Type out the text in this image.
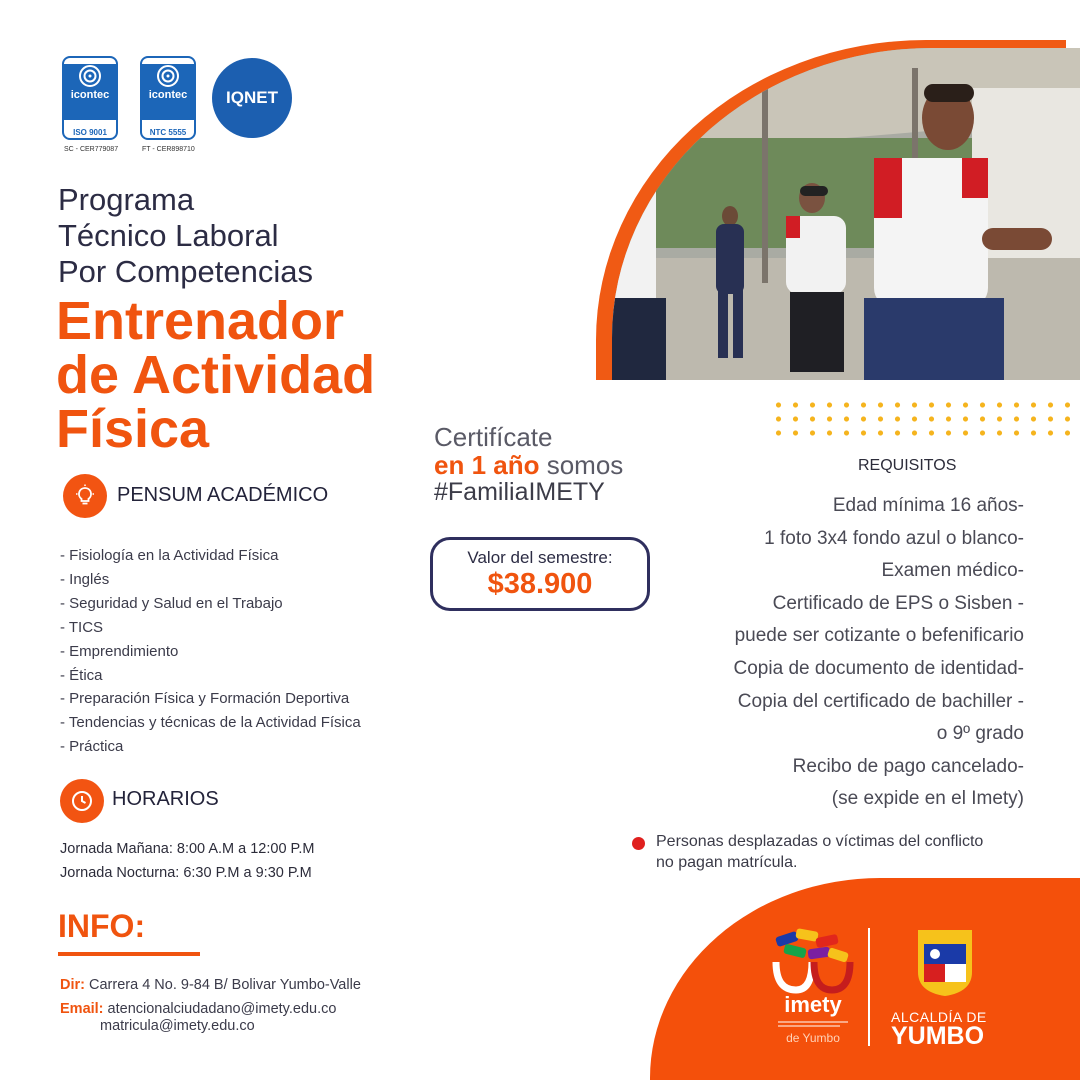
icontec
ISO 9001
SC - CER779087
icontec
NTC 5555
FT - CER898710
IQNET
Programa
Técnico Laboral
Por Competencias
Entrenador
de Actividad
Física
PENSUM ACADÉMICO
- Fisiología en la Actividad Física
- Inglés
- Seguridad y Salud en el Trabajo
- TICS
- Emprendimiento
- Ética
- Preparación Física y Formación Deportiva
- Tendencias y técnicas de la Actividad Física
- Práctica
HORARIOS
Jornada Mañana: 8:00 A.M a 12:00 P.M
Jornada Nocturna: 6:30 P.M a 9:30 P.M
INFO:
Dir: Carrera 4 No. 9-84 B/ Bolivar Yumbo-Valle
Email: atencionalciudadano@imety.edu.co
matricula@imety.edu.co
Certifícate
en 1 año somos
#FamiliaIMETY
Valor del semestre:
$38.900
REQUISITOS
Edad mínima 16 años-
1 foto 3x4 fondo azul o blanco-
Examen médico-
Certificado de EPS o Sisben -
puede ser cotizante o befenificario
Copia de documento de identidad-
Copia del certificado de bachiller -
o 9º grado
Recibo de pago cancelado-
(se expide en el Imety)
Personas desplazadas o víctimas del conflicto
no pagan matrícula.
imety
de Yumbo
ALCALDÍA DE
YUMBO
